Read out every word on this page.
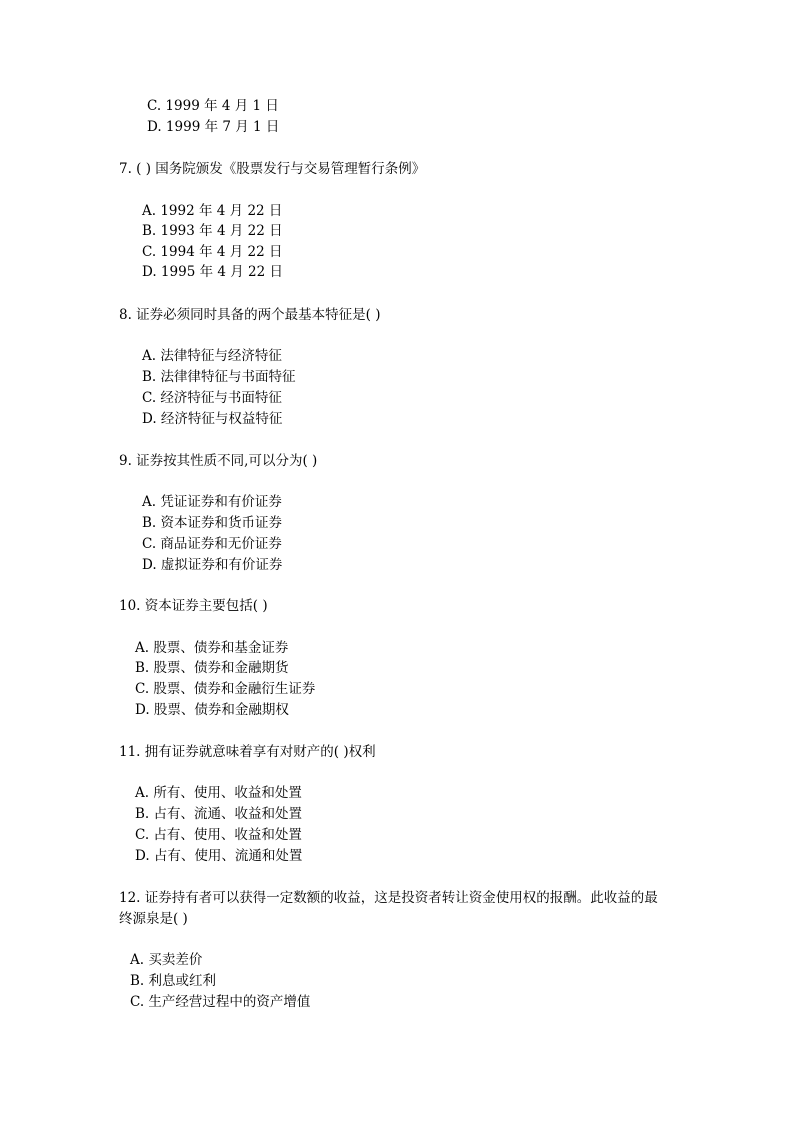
C. 1999 年 4 月 1 日
D. 1999 年 7 月 1 日
7. ( ) 国务院颁发《股票发行与交易管理暂行条例》
A. 1992 年 4 月 22 日
B. 1993 年 4 月 22 日
C. 1994 年 4 月 22 日
D. 1995 年 4 月 22 日
8. 证券必须同时具备的两个最基本特征是( )
A. 法律特征与经济特征
B. 法律律特征与书面特征
C. 经济特征与书面特征
D. 经济特征与权益特征
9. 证券按其性质不同,可以分为( )
A. 凭证证券和有价证券
B. 资本证券和货币证券
C. 商品证券和无价证券
D. 虚拟证券和有价证券
10. 资本证券主要包括( )
A. 股票、债券和基金证券
B. 股票、债券和金融期货
C. 股票、债券和金融衍生证券
D. 股票、债券和金融期权
11. 拥有证券就意味着享有对财产的( )权利
A. 所有、使用、收益和处置
B. 占有、流通、收益和处置
C. 占有、使用、收益和处置
D. 占有、使用、流通和处置
12. 证券持有者可以获得一定数额的收益，这是投资者转让资金使用权的报酬。此收益的最
终源泉是( )
A. 买卖差价
B. 利息或红利
C. 生产经营过程中的资产增值
